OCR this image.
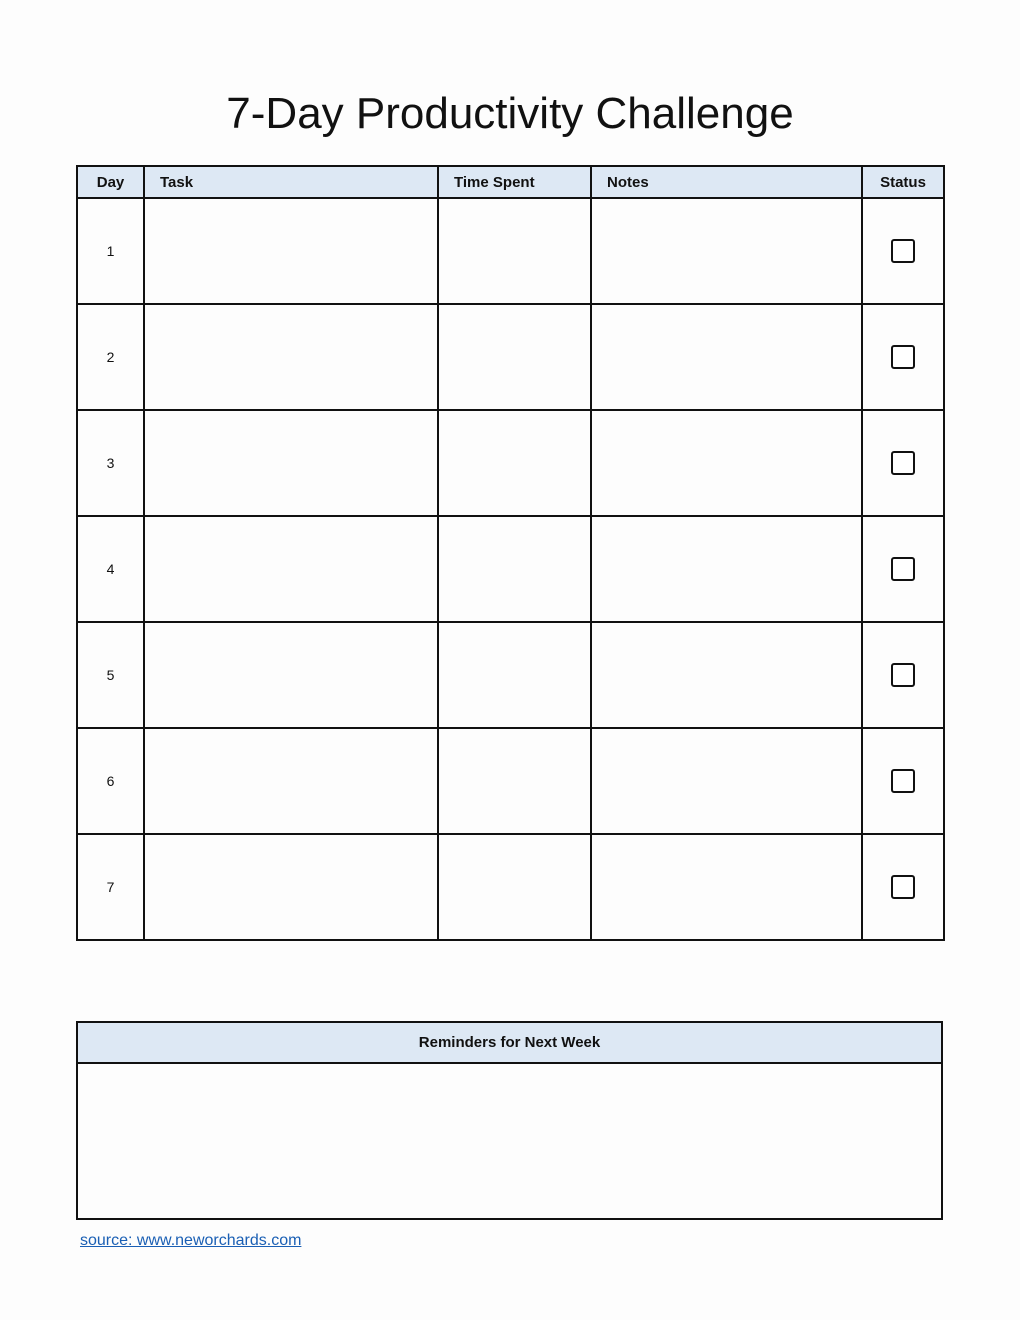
7-Day Productivity Challenge
Day	Task	Time Spent	Notes	Status
1				
2				
3				
4				
5				
6				
7				
Reminders for Next Week
source: www.neworchards.com
